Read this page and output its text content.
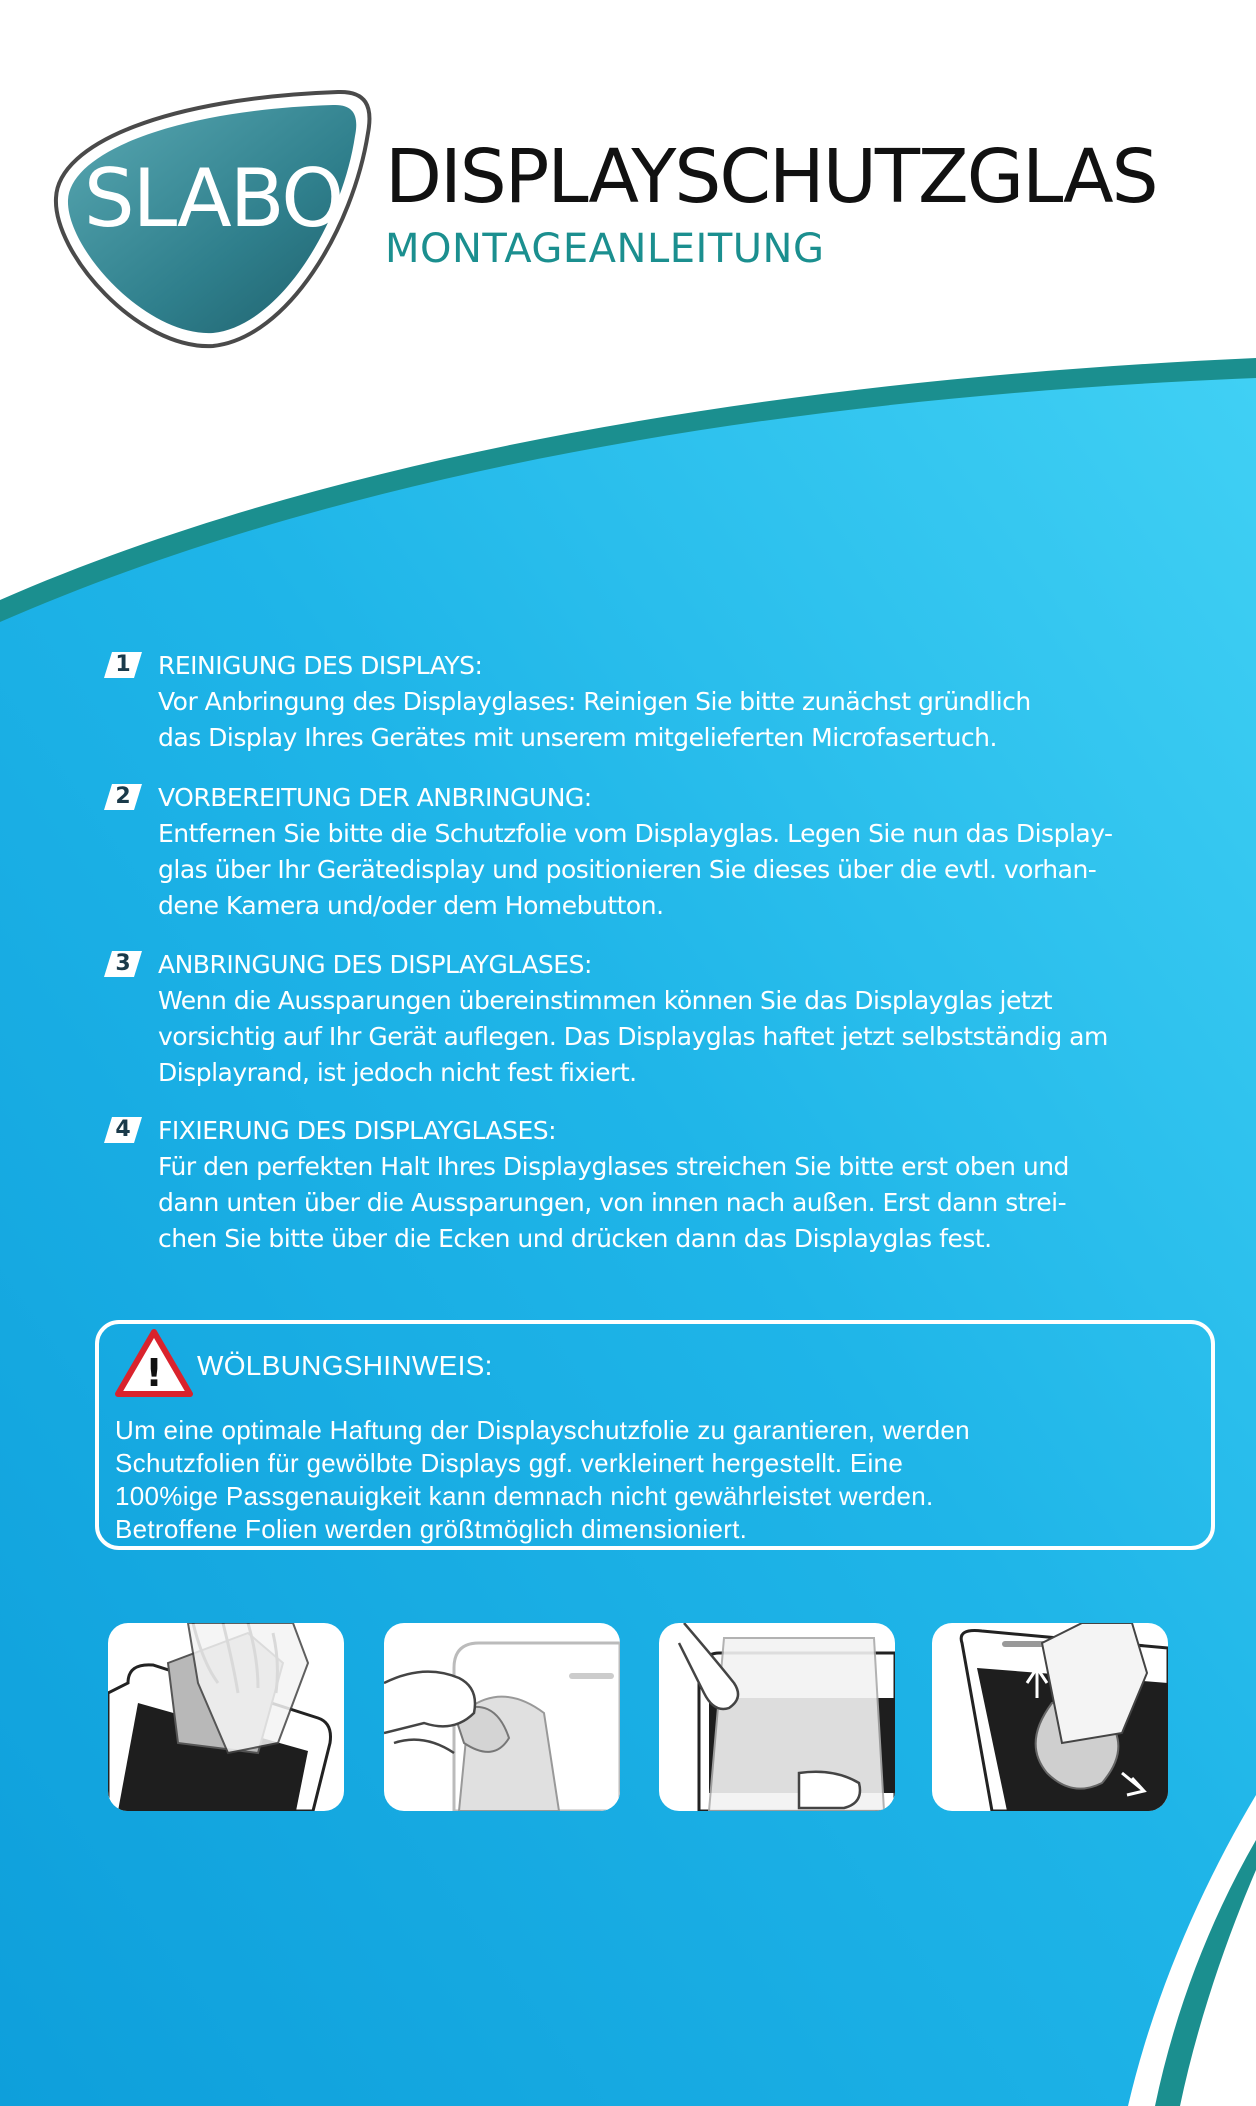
SLABO DISPLAYSCHUTZGLAS
MONTAGEANLEITUNG
1	REINIGUNG DES DISPLAYS:
Vor Anbringung des Displayglases: Reinigen Sie bitte zunächst gründlich
das Display Ihres Gerätes mit unserem mitgelieferten Microfasertuch.
2	VORBEREITUNG DER ANBRINGUNG:
Entfernen Sie bitte die Schutzfolie vom Displayglas. Legen Sie nun das Display-
glas über Ihr Gerätedisplay und positionieren Sie dieses über die evtl. vorhan-
dene Kamera und/oder dem Homebutton.
3	ANBRINGUNG DES DISPLAYGLASES:
Wenn die Aussparungen übereinstimmen können Sie das Displayglas jetzt
vorsichtig auf Ihr Gerät auflegen. Das Displayglas haftet jetzt selbstständig am
Displayrand, ist jedoch nicht fest fixiert.
4	FIXIERUNG DES DISPLAYGLASES:
Für den perfekten Halt Ihres Displayglases streichen Sie bitte erst oben und
dann unten über die Aussparungen, von innen nach außen. Erst dann strei-
chen Sie bitte über die Ecken und drücken dann das Displayglas fest.
! WÖLBUNGSHINWEIS:
Um eine optimale Haftung der Displayschutzfolie zu garantieren, werden
Schutzfolien für gewölbte Displays ggf. verkleinert hergestellt. Eine
100%ige Passgenauigkeit kann demnach nicht gewährleistet werden.
Betroffene Folien werden größtmöglich dimensioniert.
